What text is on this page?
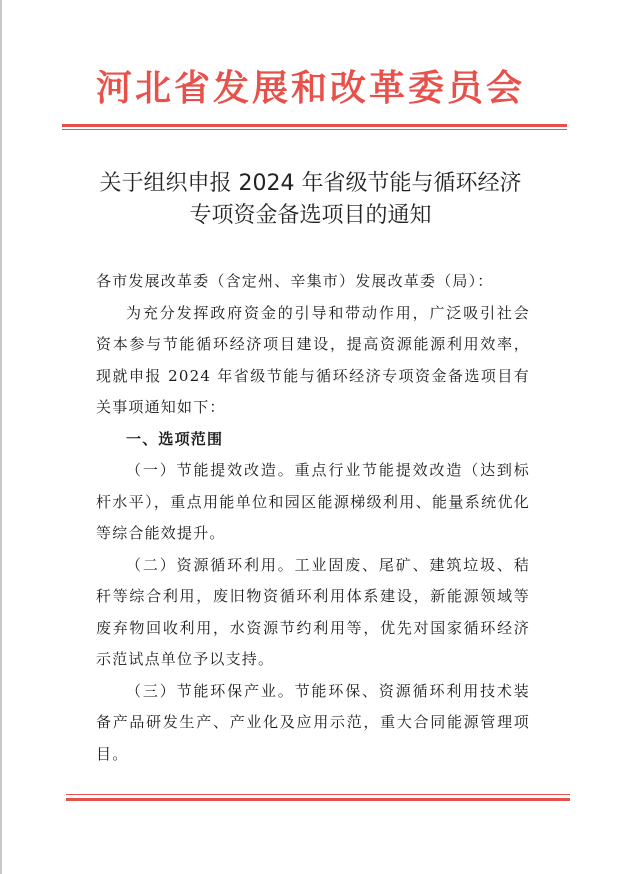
河北省发展和改革委员会
关于组织申报 2024 年省级节能与循环经济
专项资金备选项目的通知

各市发展改革委（含定州、辛集市）发展改革委（局）：

为充分发挥政府资金的引导和带动作用，广泛吸引社会资本参与节能循环经济项目建设，提高资源能源利用效率，现就申报 2024 年省级节能与循环经济专项资金备选项目有关事项通知如下：

一、选项范围

（一）节能提效改造。重点行业节能提效改造（达到标杆水平），重点用能单位和园区能源梯级利用、能量系统优化等综合能效提升。

（二）资源循环利用。工业固废、尾矿、建筑垃圾、秸秆等综合利用，废旧物资循环利用体系建设，新能源领域等废弃物回收利用，水资源节约利用等，优先对国家循环经济示范试点单位予以支持。

（三）节能环保产业。节能环保、资源循环利用技术装备产品研发生产、产业化及应用示范，重大合同能源管理项目。
